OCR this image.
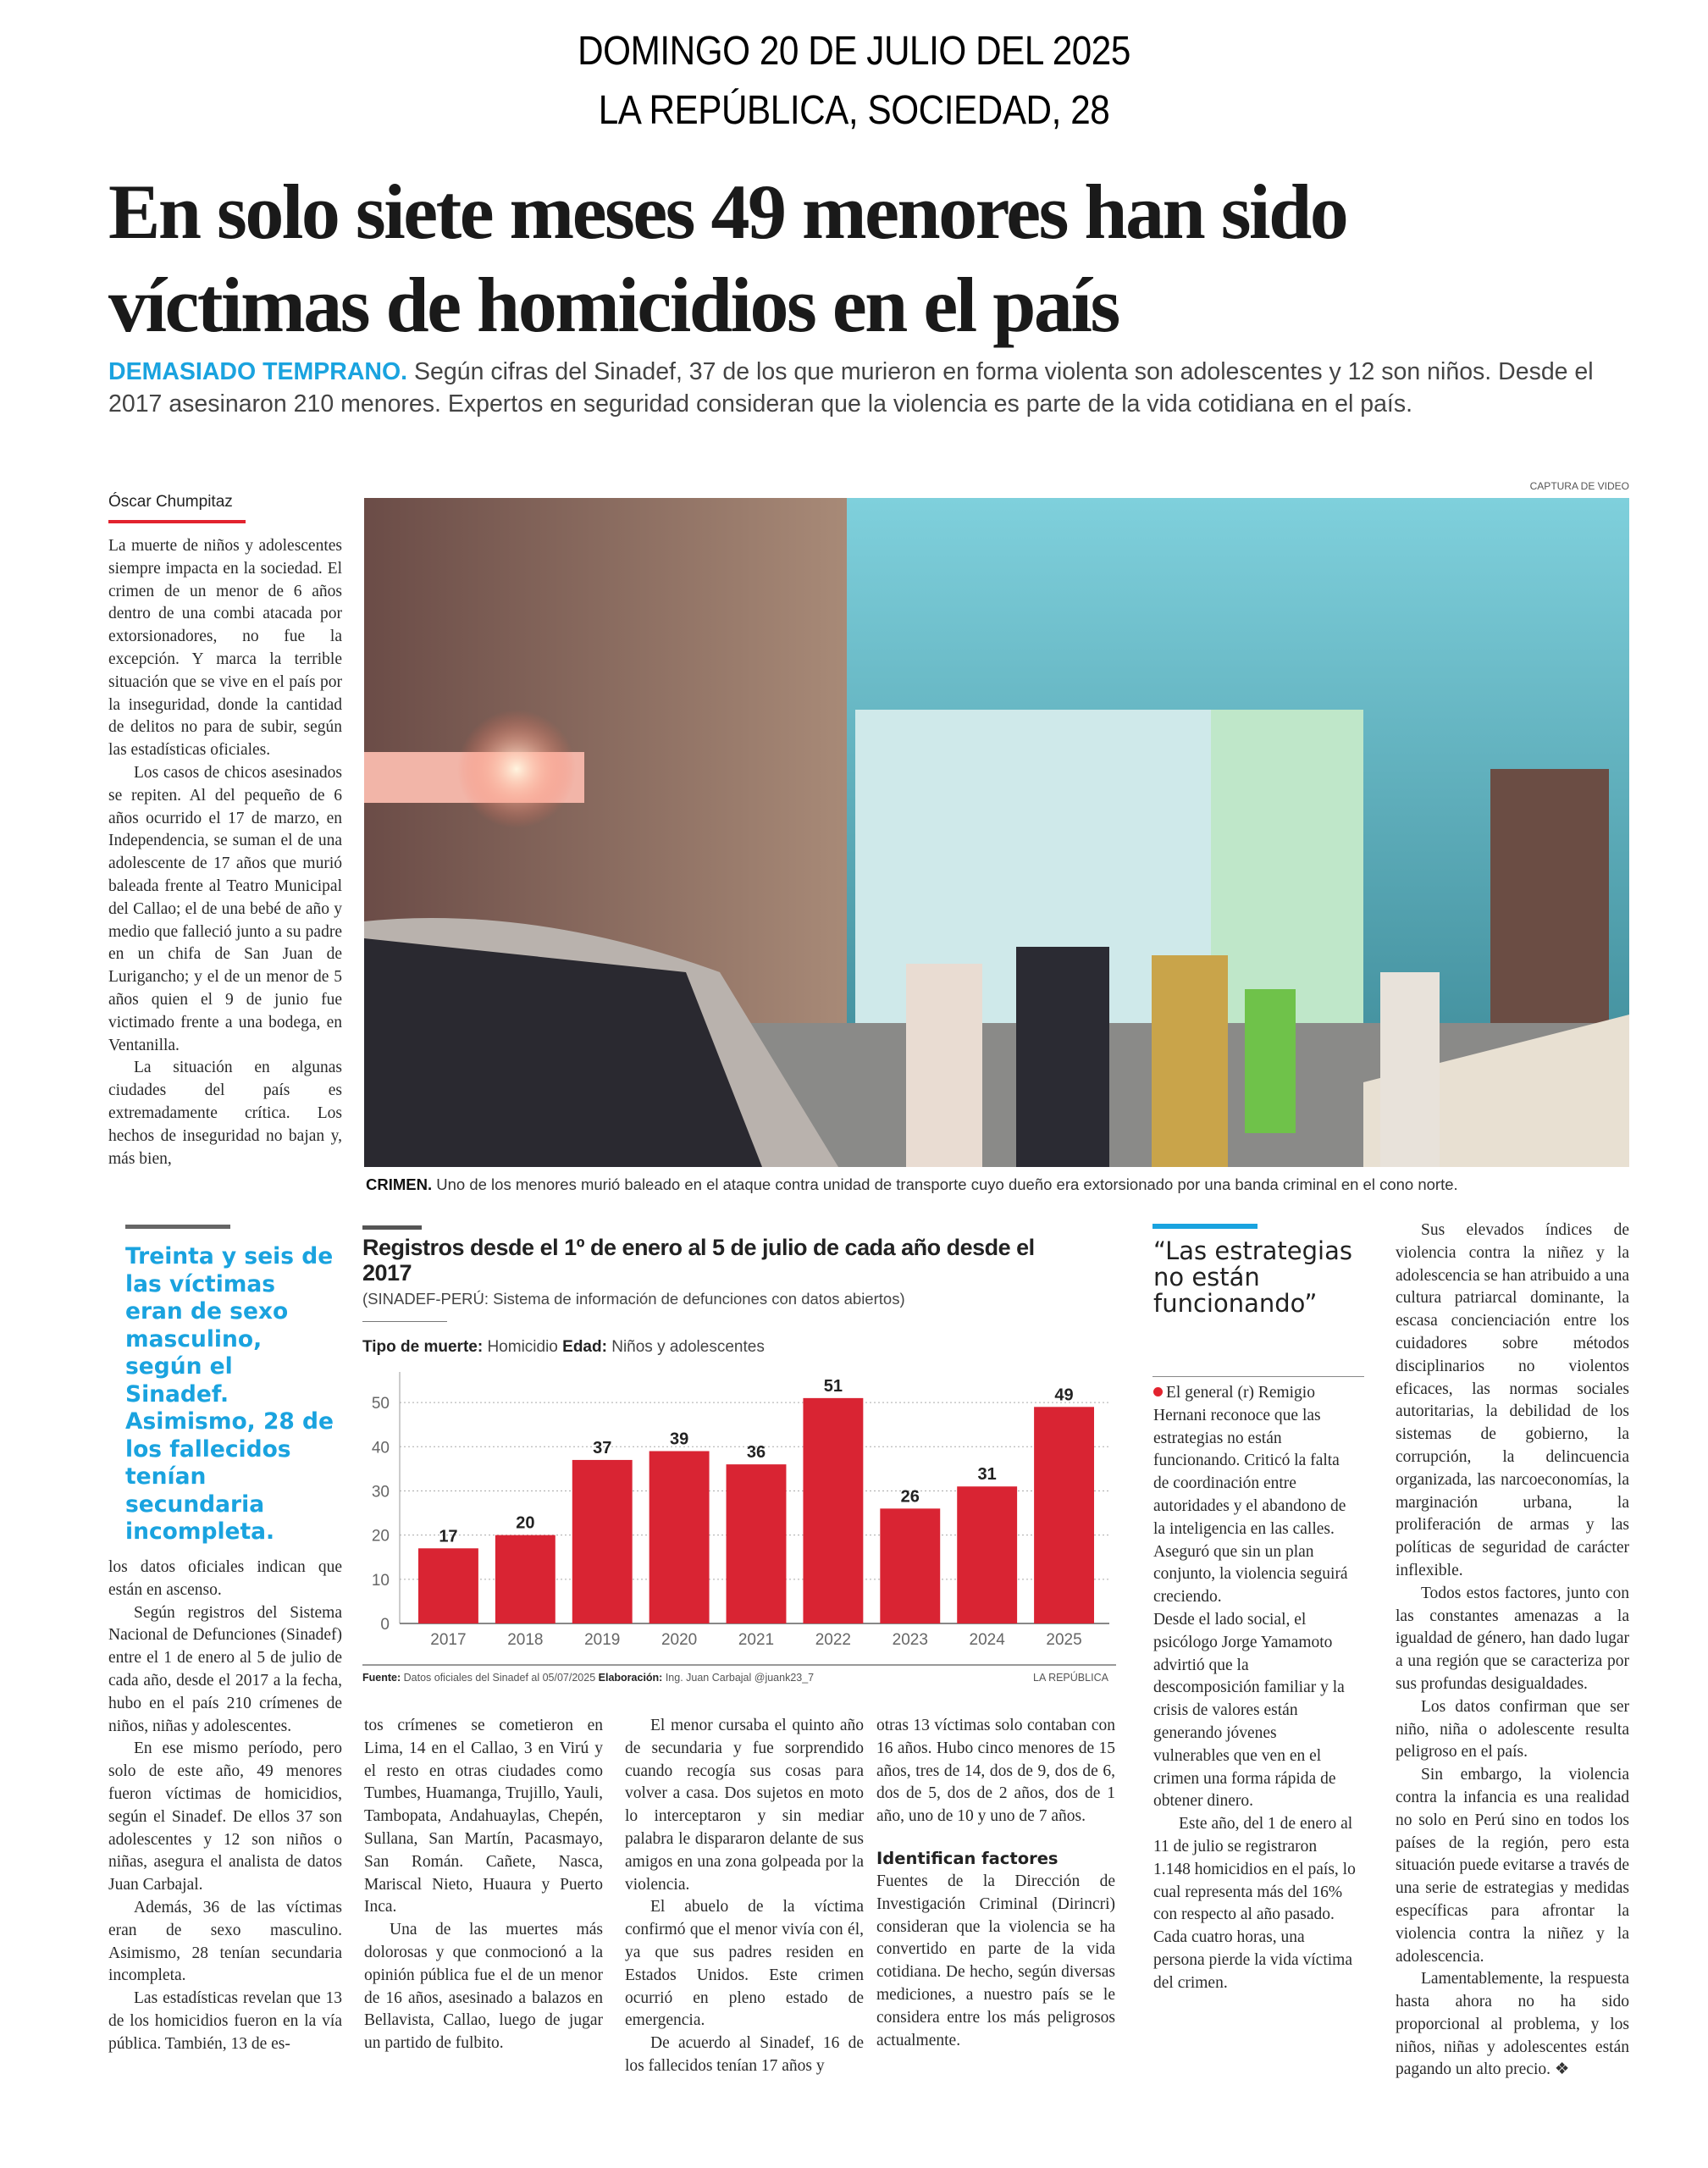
DOMINGO 20 DE JULIO DEL 2025
LA REPÚBLICA, SOCIEDAD, 28
En solo siete meses 49 menores han sido víctimas de homicidios en el país
DEMASIADO TEMPRANO. Según cifras del Sinadef, 37 de los que murieron en forma violenta son adolescentes y 12 son niños. Desde el 2017 asesinaron 210 menores. Expertos en seguridad consideran que la violencia es parte de la vida cotidiana en el país.
Óscar Chumpitaz

La muerte de niños y adolescentes siempre impacta en la sociedad. El crimen de un menor de 6 años dentro de una combi atacada por extorsionadores, no fue la excepción. Y marca la terrible situación que se vive en el país por la inseguridad, donde la cantidad de delitos no para de subir, según las estadísticas oficiales.

Los casos de chicos asesinados se repiten. Al del pequeño de 6 años ocurrido el 17 de marzo, en Independencia, se suman el de una adolescente de 17 años que murió baleada frente al Teatro Municipal del Callao; el de una bebé de año y medio que falleció junto a su padre en un chifa de San Juan de Lurigancho; y el de un menor de 5 años quien el 9 de junio fue victimado frente a una bodega, en Ventanilla.

La situación en algunas ciudades del país es extremadamente crítica. Los hechos de inseguridad no bajan y, más bien,

Treinta y seis de las víctimas eran de sexo masculino, según el Sinadef. Asimismo, 28 de los fallecidos tenían secundaria incompleta.

los datos oficiales indican que están en ascenso.

Según registros del Sistema Nacional de Defunciones (Sinadef) entre el 1 de enero al 5 de julio de cada año, desde el 2017 a la fecha, hubo en el país 210 crímenes de niños, niñas y adolescentes.

En ese mismo período, pero solo de este año, 49 menores fueron víctimas de homicidios, según el Sinadef. De ellos 37 son adolescentes y 12 son niños o niñas, asegura el analista de datos Juan Carbajal.

Además, 36 de las víctimas eran de sexo masculino. Asimismo, 28 tenían secundaria incompleta.

Las estadísticas revelan que 13 de los homicidios fueron en la vía pública. También, 13 de es-

CAPTURA DE VIDEO
CRIMEN. Uno de los menores murió baleado en el ataque contra unidad de transporte cuyo dueño era extorsionado por una banda criminal en el cono norte.
Registros desde el 1º de enero al 5 de julio de cada año desde el 2017
(SINADEF-PERÚ: Sistema de información de defunciones con datos abiertos)
Tipo de muerte: Homicidio Edad: Niños y adolescentes
0
10
20
30
40
50
17
2017
20
2018
37
2019
39
2020
36
2021
51
2022
26
2023
31
2024
49
2025
Fuente: Datos oficiales del Sinadef al 05/07/2025 Elaboración: Ing. Juan Carbajal @juank23_7	LA REPÚBLICA

tos crímenes se cometieron en Lima, 14 en el Callao, 3 en Virú y el resto en otras ciudades como Tumbes, Huamanga, Trujillo, Yauli, Tambopata, Andahuaylas, Chepén, Sullana, San Martín, Pacasmayo, San Román. Cañete, Nasca, Mariscal Nieto, Huaura y Puerto Inca.

Una de las muertes más dolorosas y que conmocionó a la opinión pública fue el de un menor de 16 años, asesinado a balazos en Bellavista, Callao, luego de jugar un partido de fulbito.

El menor cursaba el quinto año de secundaria y fue sorprendido cuando recogía sus cosas para volver a casa. Dos sujetos en moto lo interceptaron y sin mediar palabra le dispararon delante de sus amigos en una zona golpeada por la violencia.

El abuelo de la víctima confirmó que el menor vivía con él, ya que sus padres residen en Estados Unidos. Este crimen ocurrió en pleno estado de emergencia.

De acuerdo al Sinadef, 16 de los fallecidos tenían 17 años y

otras 13 víctimas solo contaban con 16 años. Hubo cinco menores de 15 años, tres de 14, dos de 9, dos de 6, dos de 5, dos de 2 años, dos de 1 año, uno de 10 y uno de 7 años.

Identifican factores

Fuentes de la Dirección de Investigación Criminal (Dirincri) consideran que la violencia se ha convertido en parte de la vida cotidiana. De hecho, según diversas mediciones, a nuestro país se le considera entre los más peligrosos actualmente.

“Las estrategias no están funcionando”

El general (r) Remigio Hernani reconoce que las estrategias no están funcionando. Criticó la falta de coordinación entre autoridades y el abandono de la inteligencia en las calles. Aseguró que sin un plan conjunto, la violencia seguirá creciendo.

Desde el lado social, el psicólogo Jorge Yamamoto advirtió que la descomposición familiar y la crisis de valores están generando jóvenes vulnerables que ven en el crimen una forma rápida de obtener dinero.

Este año, del 1 de enero al 11 de julio se registraron 1.148 homicidios en el país, lo cual representa más del 16% con respecto al año pasado. Cada cuatro horas, una persona pierde la vida víctima del crimen.

Sus elevados índices de violencia contra la niñez y la adolescencia se han atribuido a una cultura patriarcal dominante, la escasa concienciación entre los cuidadores sobre métodos disciplinarios no violentos eficaces, las normas sociales autoritarias, la debilidad de los sistemas de gobierno, la corrupción, la delincuencia organizada, las narcoeconomías, la marginación urbana, la proliferación de armas y las políticas de seguridad de carácter inflexible.

Todos estos factores, junto con las constantes amenazas a la igualdad de género, han dado lugar a una región que se caracteriza por sus profundas desigualdades.

Los datos confirman que ser niño, niña o adolescente resulta peligroso en el país.

Sin embargo, la violencia contra la infancia es una realidad no solo en Perú sino en todos los países de la región, pero esta situación puede evitarse a través de una serie de estrategias y medidas específicas para afrontar la violencia contra la niñez y la adolescencia.

Lamentablemente, la respuesta hasta ahora no ha sido proporcional al problema, y los niños, niñas y adolescentes están pagando un alto precio. ❖
